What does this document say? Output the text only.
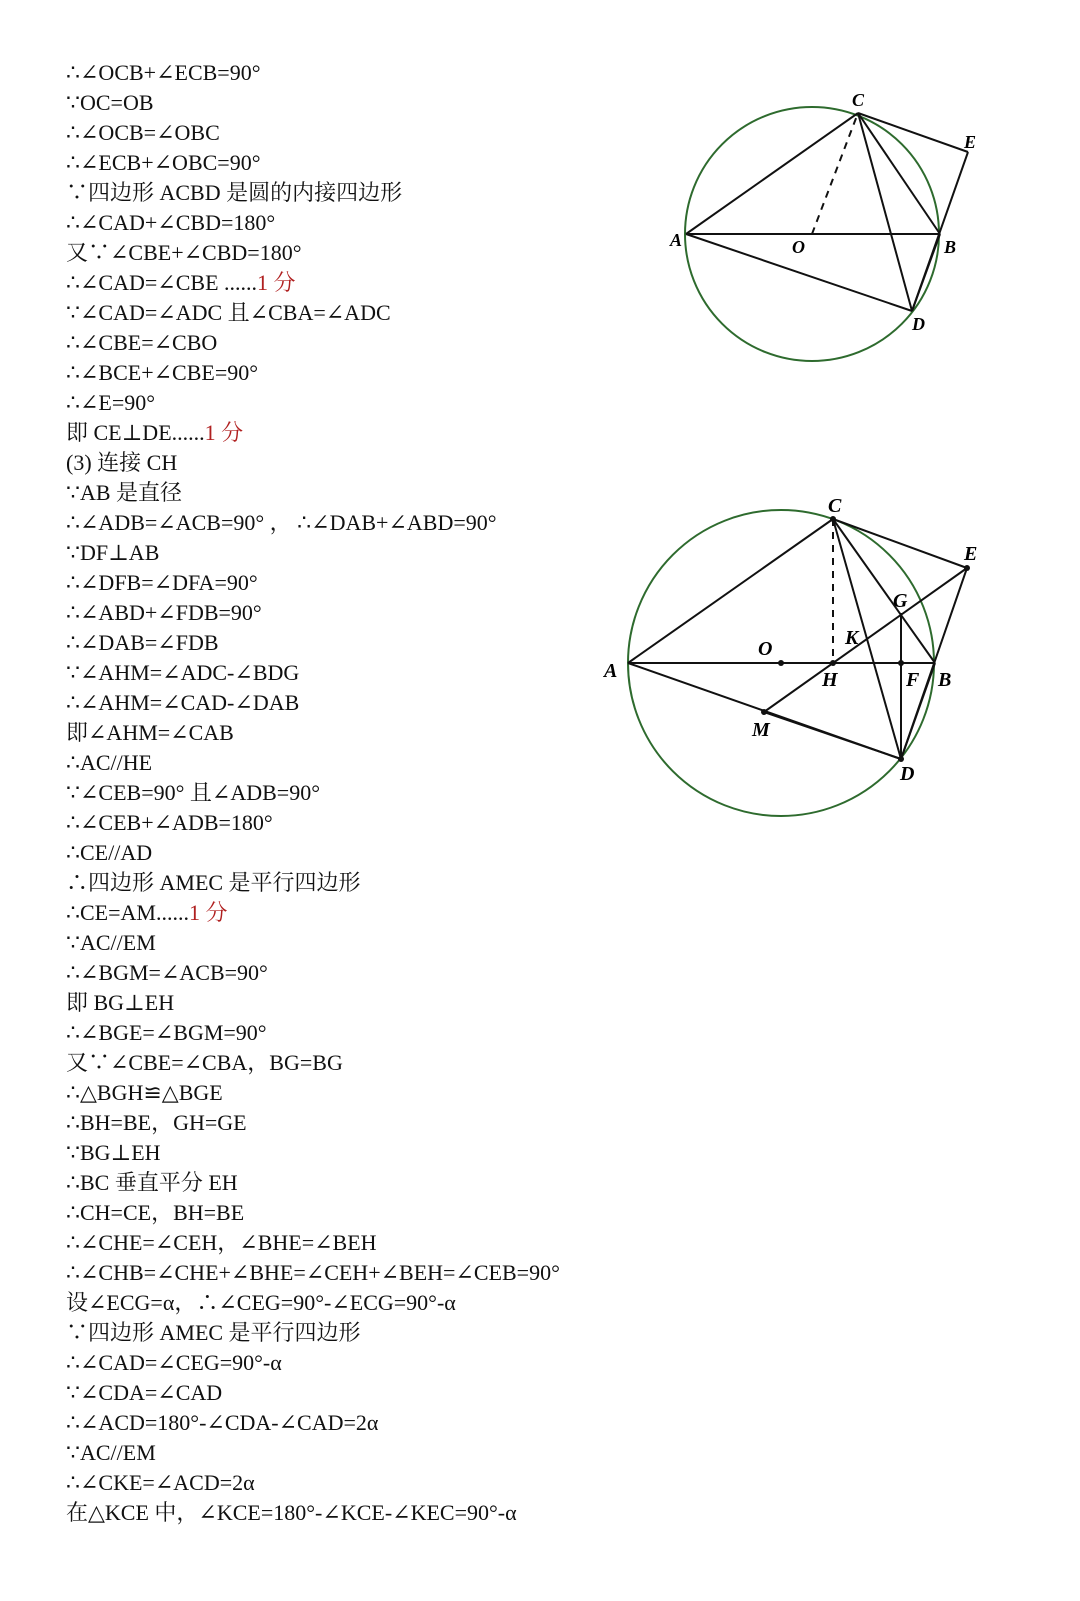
∴∠OCB+∠ECB=90°
∵OC=OB
∴∠OCB=∠OBC
∴∠ECB+∠OBC=90°
∵四边形 ACBD 是圆的内接四边形
∴∠CAD+∠CBD=180°
又∵∠CBE+∠CBD=180°
∴∠CAD=∠CBE ......1 分
∵∠CAD=∠ADC 且∠CBA=∠ADC
∴∠CBE=∠CBO
∴∠BCE+∠CBE=90°
∴∠E=90°
即 CE⊥DE......1 分
(3) 连接 CH
∵AB 是直径
∴∠ADB=∠ACB=90° ， ∴∠DAB+∠ABD=90°
∵DF⊥AB
∴∠DFB=∠DFA=90°
∴∠ABD+∠FDB=90°
∴∠DAB=∠FDB
∵∠AHM=∠ADC-∠BDG
∴∠AHM=∠CAD-∠DAB
即∠AHM=∠CAB
∴AC//HE
∵∠CEB=90° 且∠ADB=90°
∴∠CEB+∠ADB=180°
∴CE//AD
∴四边形 AMEC 是平行四边形
∴CE=AM......1 分
∵AC//EM
∴∠BGM=∠ACB=90°
即 BG⊥EH
∴∠BGE=∠BGM=90°
又∵∠CBE=∠CBA，BG=BG
∴△BGH≌△BGE
∴BH=BE，GH=GE
∵BG⊥EH
∴BC 垂直平分 EH
∴CH=CE，BH=BE
∴∠CHE=∠CEH，∠BHE=∠BEH
∴∠CHB=∠CHE+∠BHE=∠CEH+∠BEH=∠CEB=90°
设∠ECG=α，∴∠CEG=90°-∠ECG=90°-α
∵四边形 AMEC 是平行四边形
∴∠CAD=∠CEG=90°-α
∵∠CDA=∠CAD
∴∠ACD=180°-∠CDA-∠CAD=2α
∵AC//EM
∴∠CKE=∠ACD=2α
在△KCE 中，∠KCE=180°-∠KCE-∠KEC=90°-α
C
E
A	O	B
D
C
E
G
K
O
A	H	F B
M
D
